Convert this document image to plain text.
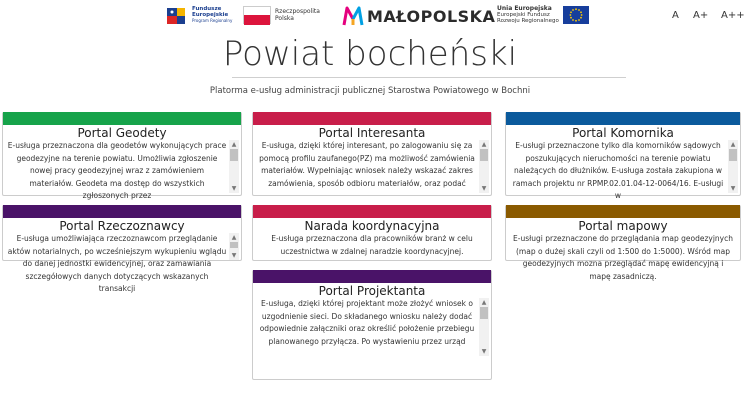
Fundusze
Europejskie
Program Regionalny
Rzeczpospolita
Polska	MAŁOPOLSKA Unia Europejska
Europejski Fundusz
Rozwoju Regionalnego	A A+ A++
Powiat bocheński
Platorma e-usług administracji publicznej Starostwa Powiatowego w Bochni
Portal Geodety
E-usługa przeznaczona dla geodetów wykonujących prace geodezyjne na terenie powiatu. Umożliwia zgłoszenie nowej pracy geodezyjnej wraz z zamówieniem materiałów. Geodeta ma dostęp do wszystkich zgłoszonych przez
▲
▼
Portal Interesanta
E-usługa, dzięki której interesant, po zalogowaniu się za pomocą profilu zaufanego(PZ) ma możliwość zamówienia materiałów. Wypełniając wniosek należy wskazać zakres zamówienia, sposób odbioru materiałów, oraz podać
▲
▼
Portal Komornika
E-usługi przeznaczone tylko dla komorników sądowych poszukujących nieruchomości na terenie powiatu należących do dłużników. E-usługa została zakupiona w ramach projektu nr RPMP.02.01.04-12-0064/16. E-usługi w
▲
▼
Portal Rzeczoznawcy
E-usługa umożliwiająca rzeczoznawcom przeglądanie aktów notarialnych, po wcześniejszym wykupieniu wglądu do danej jednostki ewidencyjnej, oraz zamawiania szczegółowych danych dotyczących wskazanych transakcji
▲
▼
Narada koordynacyjna
E-usługa przeznaczona dla pracowników branż w celu uczestnictwa w zdalnej naradzie koordynacyjnej.
Portal mapowy
E-usługi przeznaczone do przeglądania map geodezyjnych (map o dużej skali czyli od 1:500 do 1:5000). Wśród map geodezyjnych mozna przeglądać mapę ewidencyjną i mapę zasadniczą.
Portal Projektanta
E-usługa, dzięki której projektant może złożyć wniosek o uzgodnienie sieci. Do składanego wniosku należy dodać odpowiednie załączniki oraz określić położenie przebiegu planowanego przyłącza. Po wystawieniu przez urząd
▲
▼
